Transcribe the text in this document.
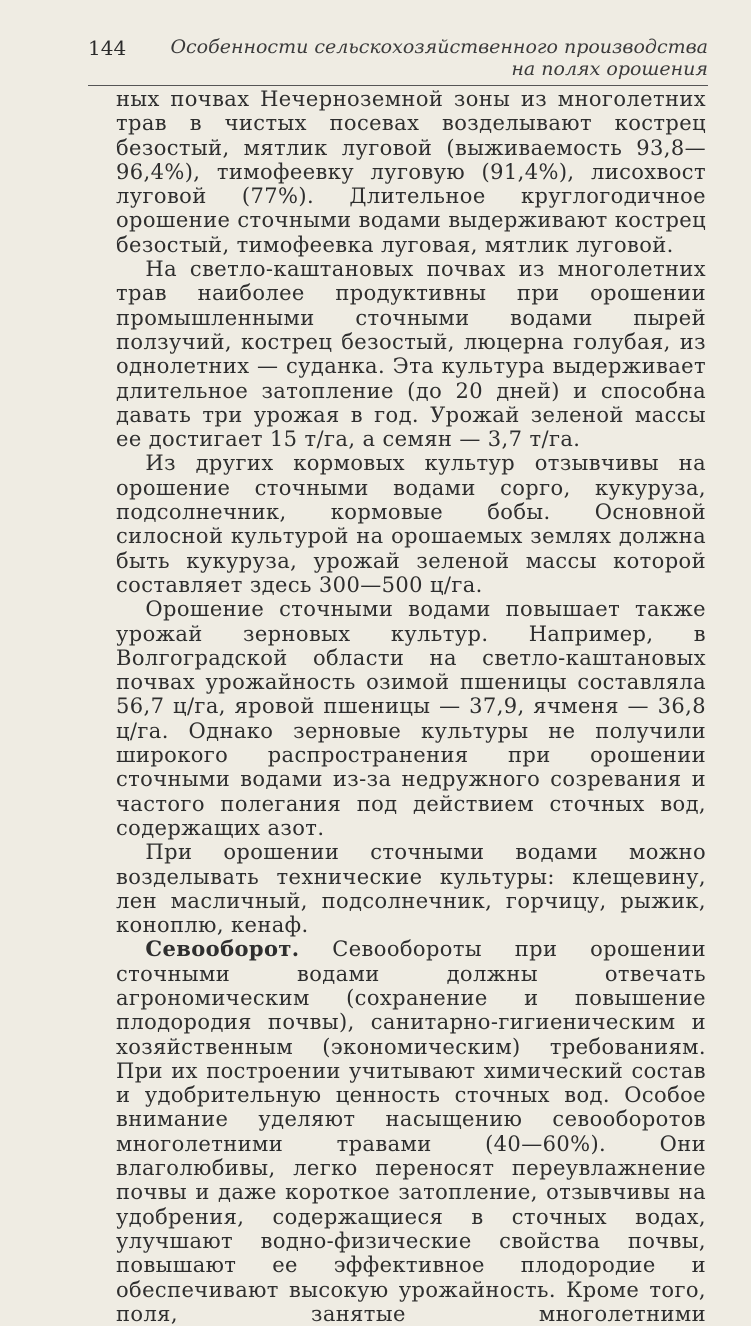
144 Особенности сельскохозяйственного производства
на полях орошения

ных почвах Нечерноземной зоны из многолетних трав в чистых посевах возделывают кострец безостый, мятлик луговой (выживаемость 93,8—96,4%), тимофеевку луговую (91,4%), лисохвост луговой (77%). Длительное круглогодичное орошение сточными водами выдерживают кострец безостый, тимофеевка луговая, мятлик луговой.

На светло-каштановых почвах из многолетних трав наиболее продуктивны при орошении промышленными сточными водами пырей ползучий, кострец безостый, люцерна голубая, из однолетних — суданка. Эта культура выдерживает длительное затопление (до 20 дней) и способна давать три урожая в год. Урожай зеленой массы ее достигает 15 т/га, а семян — 3,7 т/га.

Из других кормовых культур отзывчивы на орошение сточными водами сорго, кукуруза, подсолнечник, кормовые бобы. Основной силосной культурой на орошаемых землях должна быть кукуруза, урожай зеленой массы которой составляет здесь 300—500 ц/га.

Орошение сточными водами повышает также урожай зерновых культур. Например, в Волгоградской области на светло-каштановых почвах урожайность озимой пшеницы составляла 56,7 ц/га, яровой пшеницы — 37,9, ячменя — 36,8 ц/га. Однако зерновые культуры не получили широкого распространения при орошении сточными водами из-за недружного созревания и частого полегания под действием сточных вод, содержащих азот.

При орошении сточными водами можно возделывать технические культуры: клещевину, лен масличный, подсолнечник, горчицу, рыжик, коноплю, кенаф.

Севооборот. Севообороты при орошении сточными водами должны отвечать агрономическим (сохранение и повышение плодородия почвы), санитарно-гигиеническим и хозяйственным (экономическим) требованиям. При их построении учитывают химический состав и удобрительную ценность сточных вод. Особое внимание уделяют насыщению севооборотов многолетними травами (40—60%). Они влаголюбивы, легко переносят переувлажнение почвы и даже короткое затопление, отзывчивы на удобрения, содержащиеся в сточных водах, улучшают водно-физические свойства почвы, повышают ее эффективное плодородие и обеспечивают высокую урожайность. Кроме того, поля, занятые многолетними
